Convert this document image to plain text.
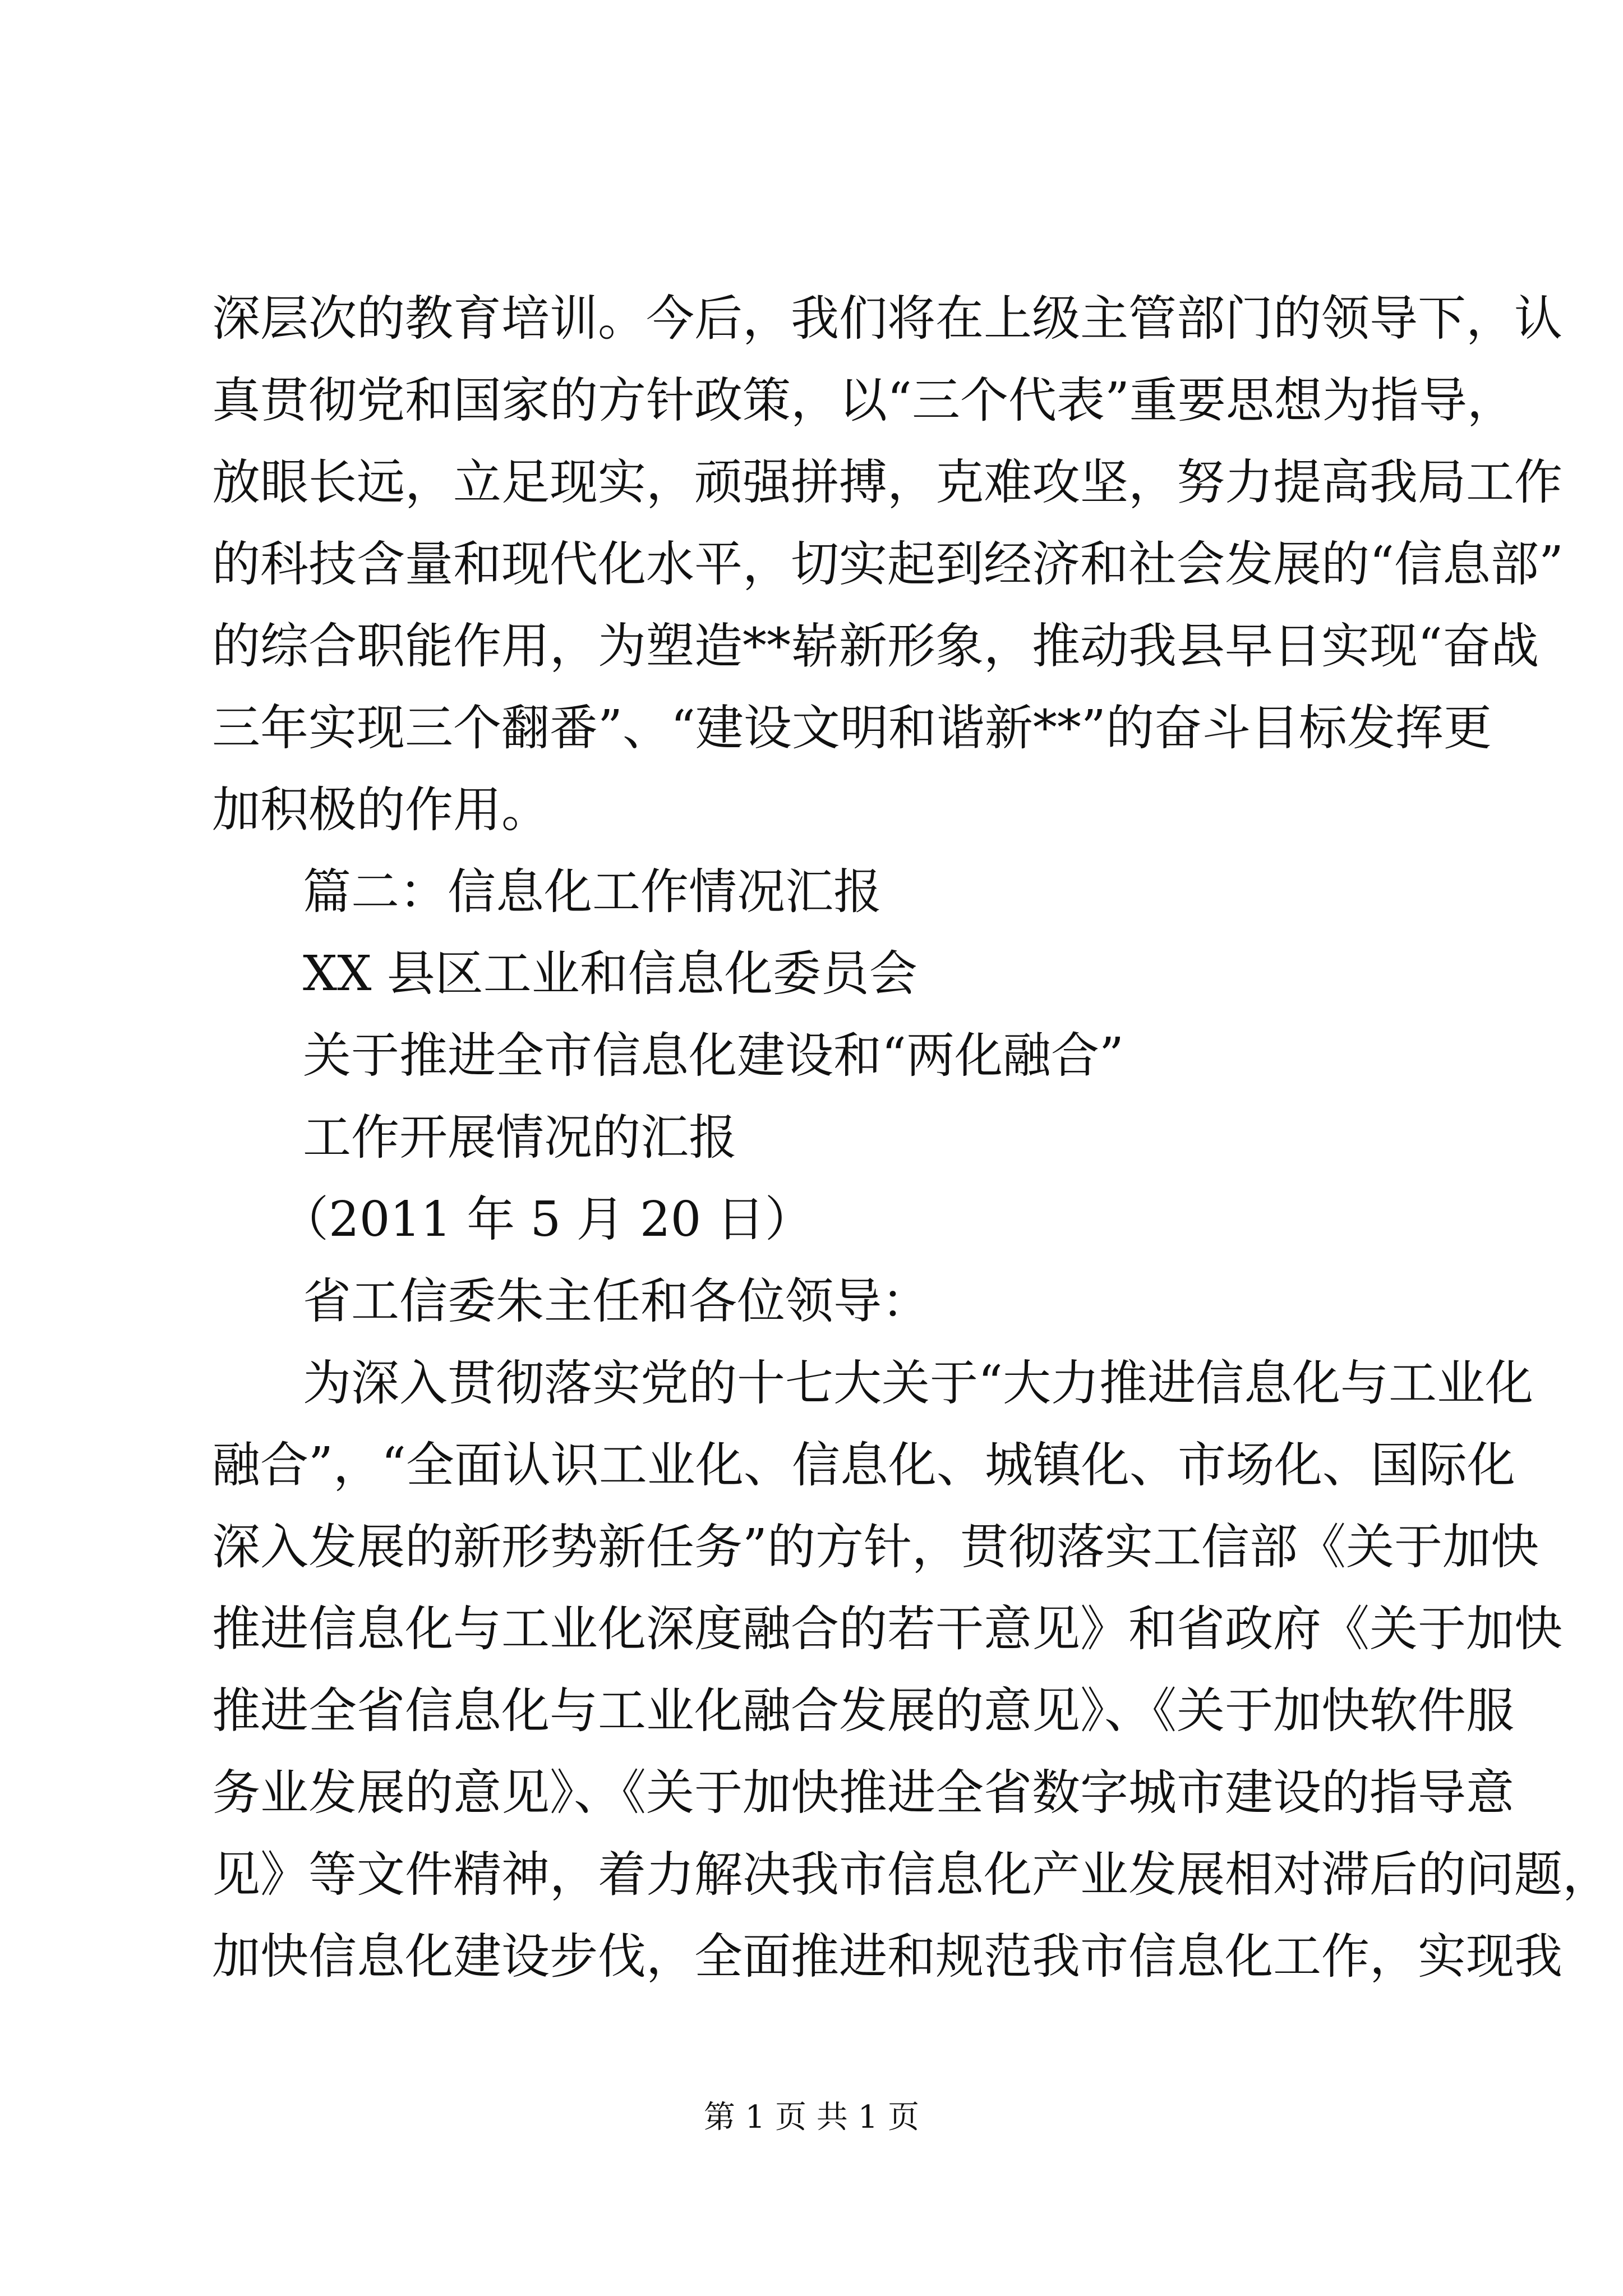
深层次的教育培训。今后，我们将在上级主管部门的领导下，认
真贯彻党和国家的方针政策，以“三个代表”重要思想为指导，
放眼长远，立足现实，顽强拼搏，克难攻坚，努力提高我局工作
的科技含量和现代化水平，切实起到经济和社会发展的“信息部”
的综合职能作用，为塑造**崭新形象，推动我县早日实现“奋战
三年实现三个翻番”、“建设文明和谐新**”的奋斗目标发挥更
加积极的作用。
篇二：信息化工作情况汇报
XX 县区工业和信息化委员会
关于推进全市信息化建设和“两化融合”
工作开展情况的汇报
（2011 年 5 月 20 日）
省工信委朱主任和各位领导：
为深入贯彻落实党的十七大关于“大力推进信息化与工业化
融合”，“全面认识工业化、信息化、城镇化、市场化、国际化
深入发展的新形势新任务”的方针，贯彻落实工信部《关于加快
推进信息化与工业化深度融合的若干意见》和省政府《关于加快
推进全省信息化与工业化融合发展的意见》、《关于加快软件服
务业发展的意见》、《关于加快推进全省数字城市建设的指导意
见》等文件精神，着力解决我市信息化产业发展相对滞后的问题，
加快信息化建设步伐，全面推进和规范我市信息化工作，实现我
第 1 页 共 1 页
